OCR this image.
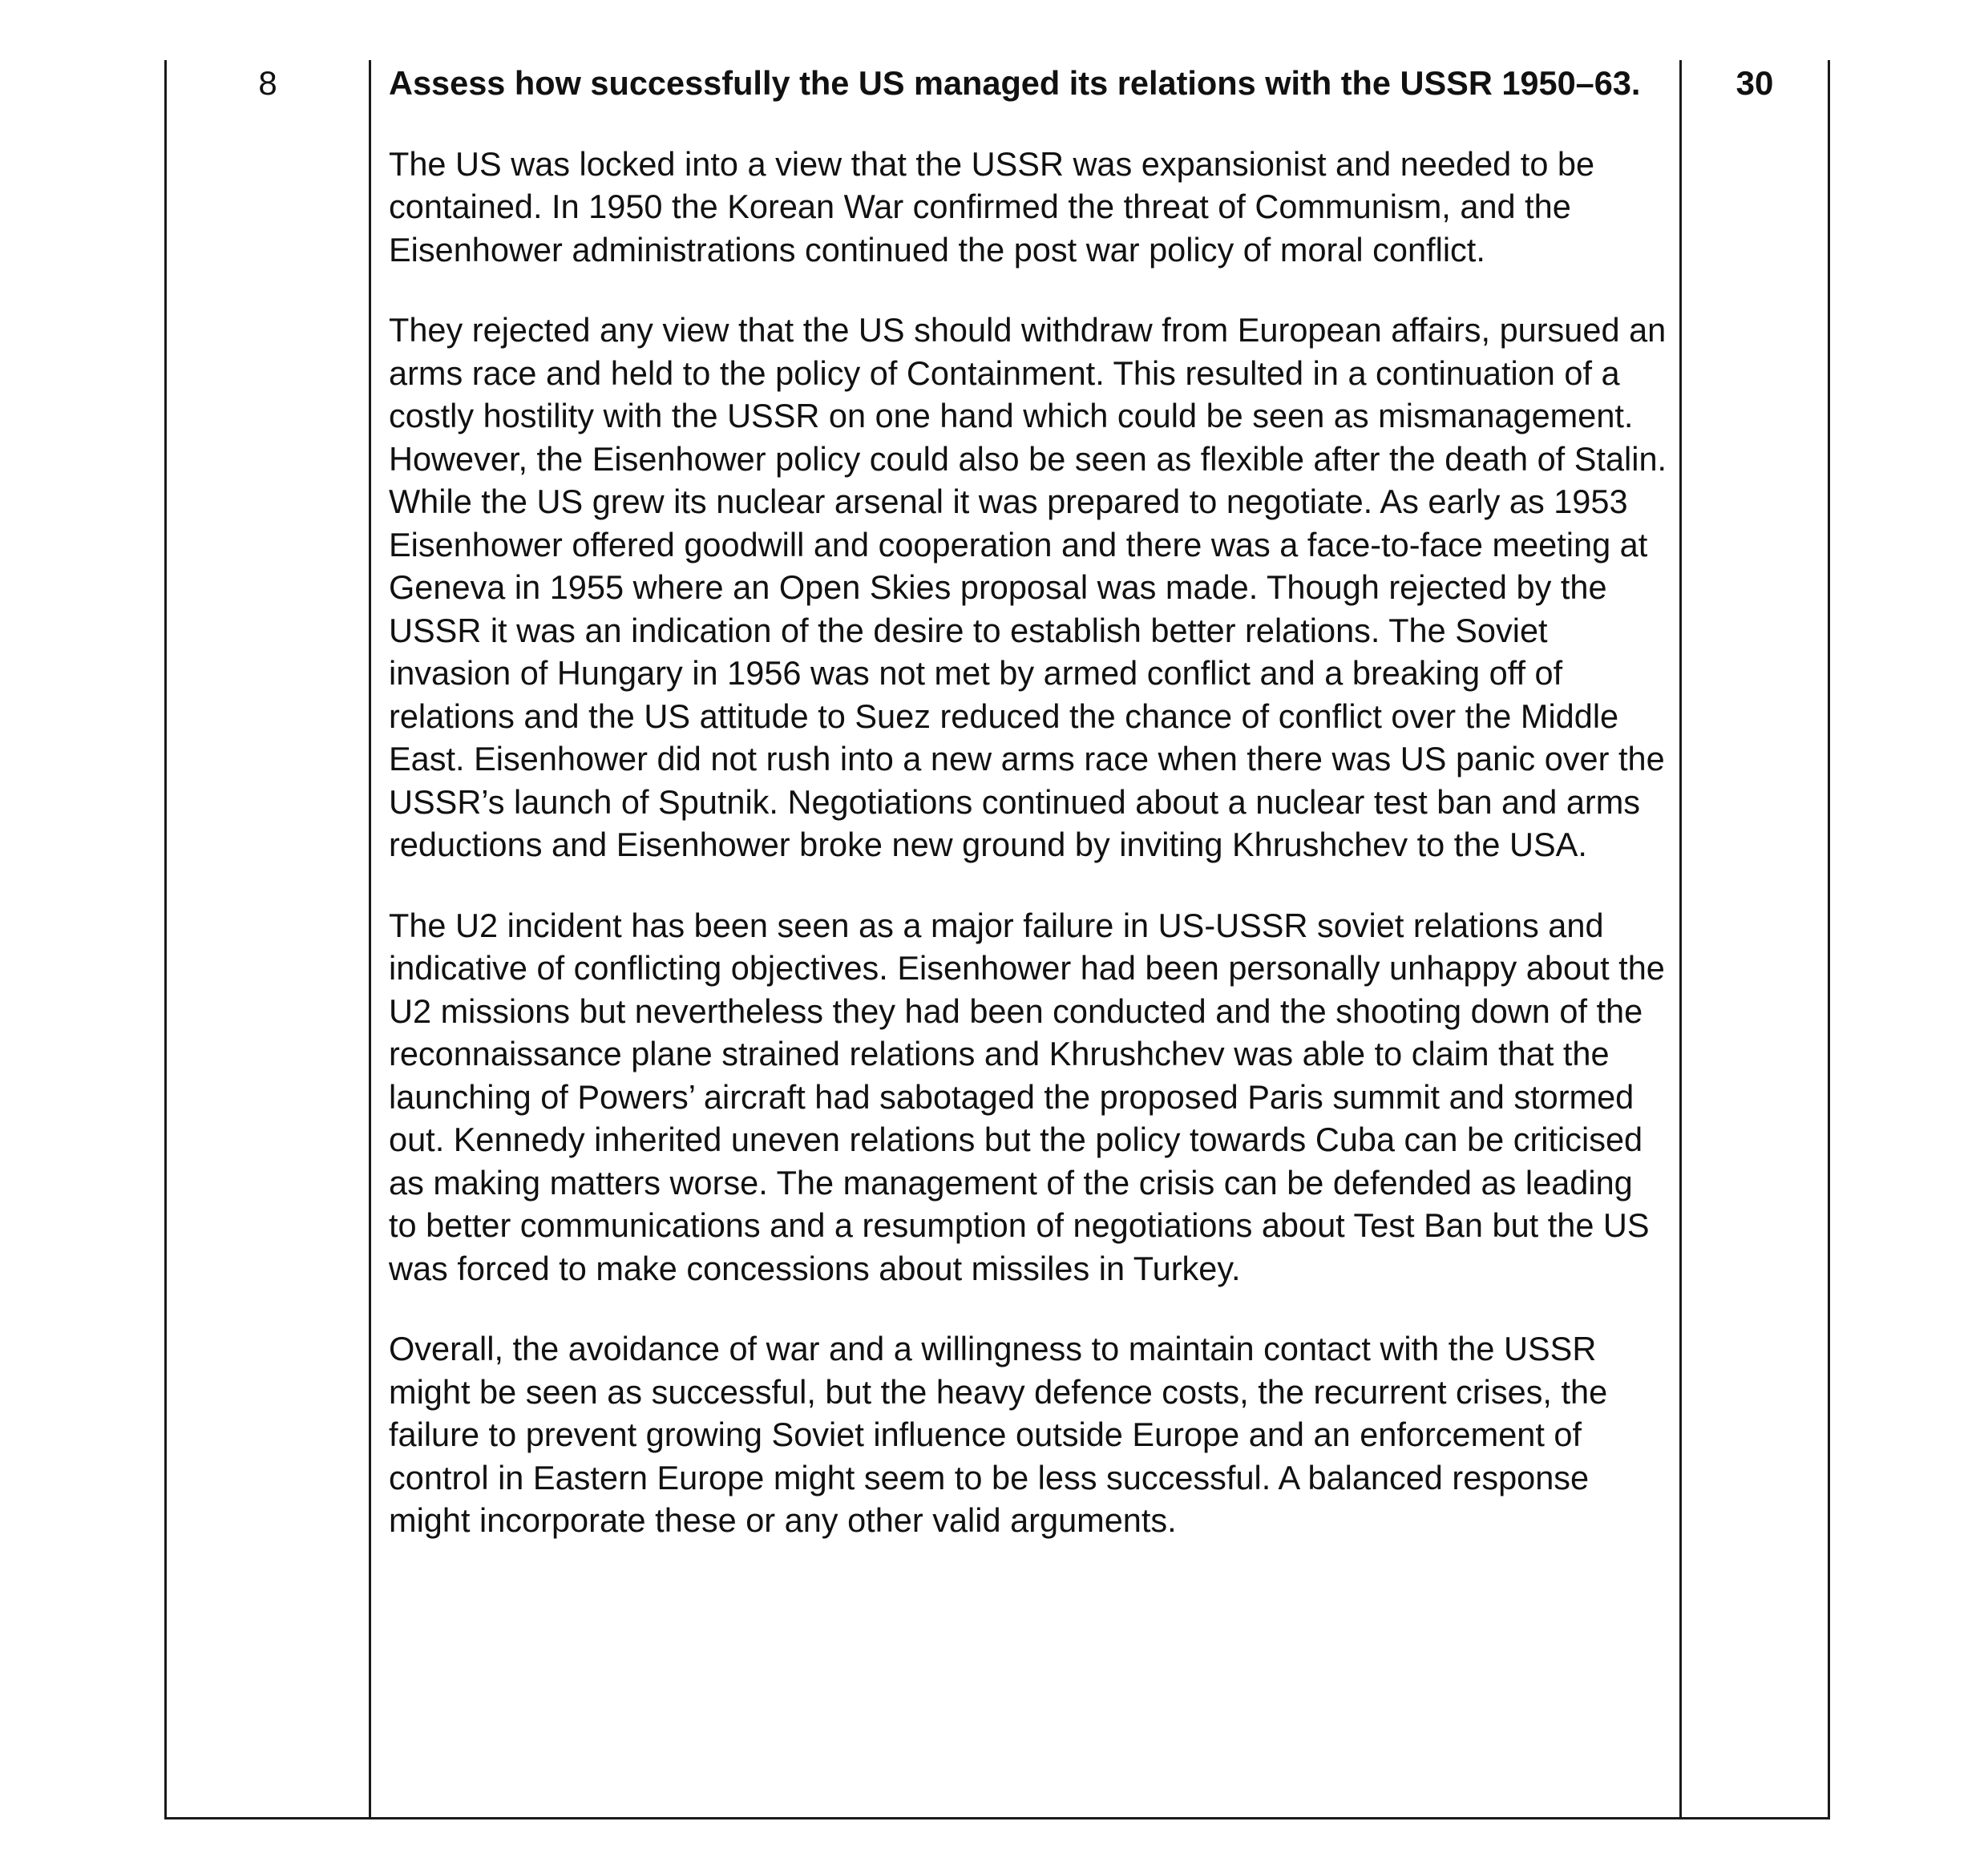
8	Assess how successfully the US managed its relations with the USSR 1950–63.

The US was locked into a view that the USSR was expansionist and needed to be contained. In 1950 the Korean War confirmed the threat of Communism, and the Eisenhower administrations continued the post war policy of moral conflict.

They rejected any view that the US should withdraw from European affairs, pursued an arms race and held to the policy of Containment. This resulted in a continuation of a costly hostility with the USSR on one hand which could be seen as mismanagement. However, the Eisenhower policy could also be seen as flexible after the death of Stalin. While the US grew its nuclear arsenal it was prepared to negotiate. As early as 1953 Eisenhower offered goodwill and cooperation and there was a face-to-face meeting at Geneva in 1955 where an Open Skies proposal was made. Though rejected by the USSR it was an indication of the desire to establish better relations. The Soviet invasion of Hungary in 1956 was not met by armed conflict and a breaking off of relations and the US attitude to Suez reduced the chance of conflict over the Middle East. Eisenhower did not rush into a new arms race when there was US panic over the USSR’s launch of Sputnik. Negotiations continued about a nuclear test ban and arms reductions and Eisenhower broke new ground by inviting Khrushchev to the USA.

The U2 incident has been seen as a major failure in US-USSR soviet relations and indicative of conflicting objectives. Eisenhower had been personally unhappy about the U2 missions but nevertheless they had been conducted and the shooting down of the reconnaissance plane strained relations and Khrushchev was able to claim that the launching of Powers’ aircraft had sabotaged the proposed Paris summit and stormed out. Kennedy inherited uneven relations but the policy towards Cuba can be criticised as making matters worse. The management of the crisis can be defended as leading to better communications and a resumption of negotiations about Test Ban but the US was forced to make concessions about missiles in Turkey.

Overall, the avoidance of war and a willingness to maintain contact with the USSR might be seen as successful, but the heavy defence costs, the recurrent crises, the failure to prevent growing Soviet influence outside Europe and an enforcement of control in Eastern Europe might seem to be less successful. A balanced response might incorporate these or any other valid arguments.

30
